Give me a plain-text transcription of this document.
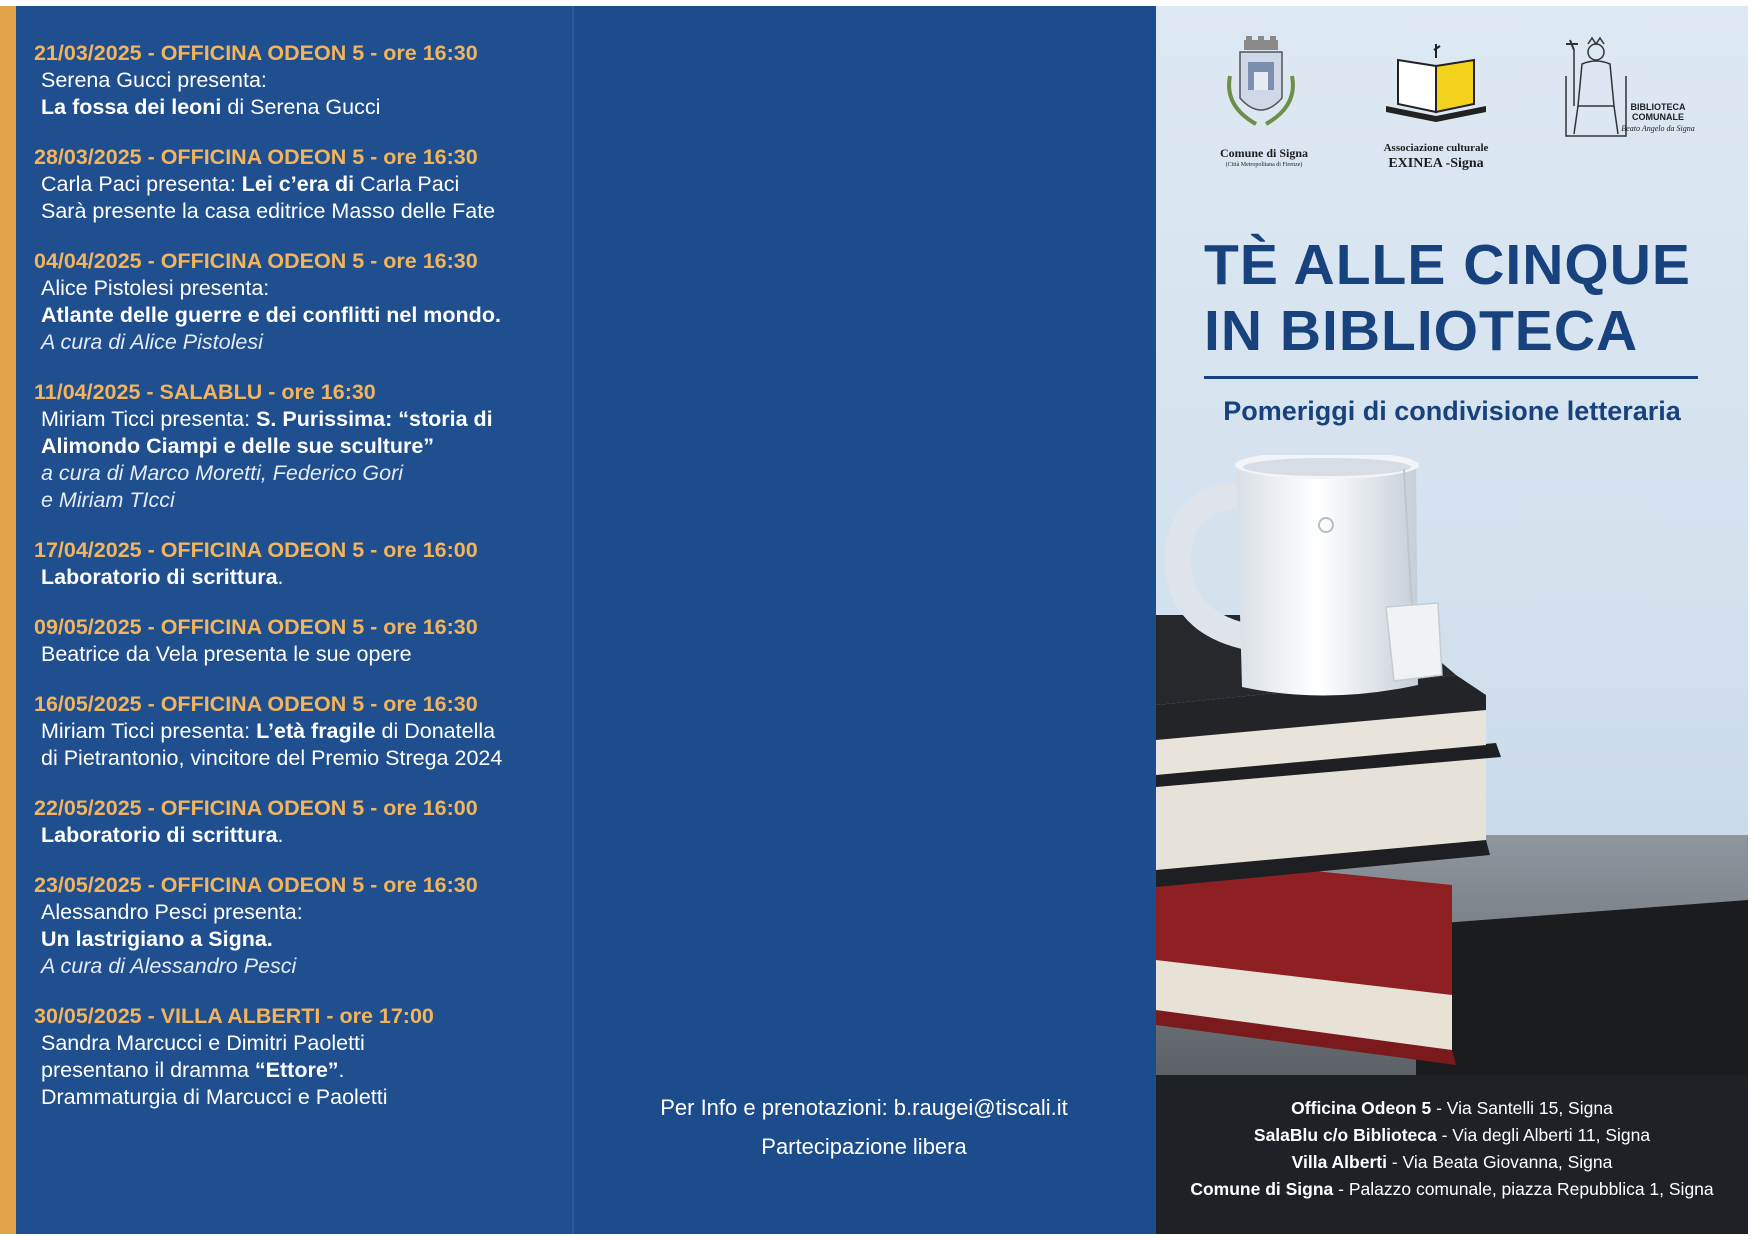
21/03/2025 - OFFICINA ODEON 5 - ore 16:30
Serena Gucci presenta:
La fossa dei leoni di Serena Gucci
28/03/2025 - OFFICINA ODEON 5 - ore 16:30
Carla Paci presenta: Lei c’era di Carla Paci
Sarà presente la casa editrice Masso delle Fate
04/04/2025 - OFFICINA ODEON 5 - ore 16:30
Alice Pistolesi presenta:
Atlante delle guerre e dei conflitti nel mondo.
A cura di Alice Pistolesi
11/04/2025 - SALABLU - ore 16:30
Miriam Ticci presenta: S. Purissima: “storia di
Alimondo Ciampi e delle sue sculture”
a cura di Marco Moretti, Federico Gori
e Miriam TIcci
17/04/2025 - OFFICINA ODEON 5 - ore 16:00
Laboratorio di scrittura.
09/05/2025 - OFFICINA ODEON 5 - ore 16:30
Beatrice da Vela presenta le sue opere
16/05/2025 - OFFICINA ODEON 5 - ore 16:30
Miriam Ticci presenta: L’età fragile di Donatella
di Pietrantonio, vincitore del Premio Strega 2024
22/05/2025 - OFFICINA ODEON 5 - ore 16:00
Laboratorio di scrittura.
23/05/2025 - OFFICINA ODEON 5 - ore 16:30
Alessandro Pesci presenta:
Un lastrigiano a Signa.
A cura di Alessandro Pesci
30/05/2025 - VILLA ALBERTI - ore 17:00
Sandra Marcucci e Dimitri Paoletti
presentano il dramma “Ettore”.
Drammaturgia di Marcucci e Paoletti	Per Info e prenotazioni: b.raugei@tiscali.it
Partecipazione libera
Comune di Signa
(Città Metropolitana di Firenze)
Associazione culturale
EXINEA -Signa
BIBLIOTECA
COMUNALE
Beato Angelo da Signa
TÈ ALLE CINQUE
IN BIBLIOTECA
Pomeriggi di condivisione letteraria
Officina Odeon 5 - Via Santelli 15, Signa
SalaBlu c/o Biblioteca - Via degli Alberti 11, Signa
Villa Alberti - Via Beata Giovanna, Signa
Comune di Signa - Palazzo comunale, piazza Repubblica 1, Signa
